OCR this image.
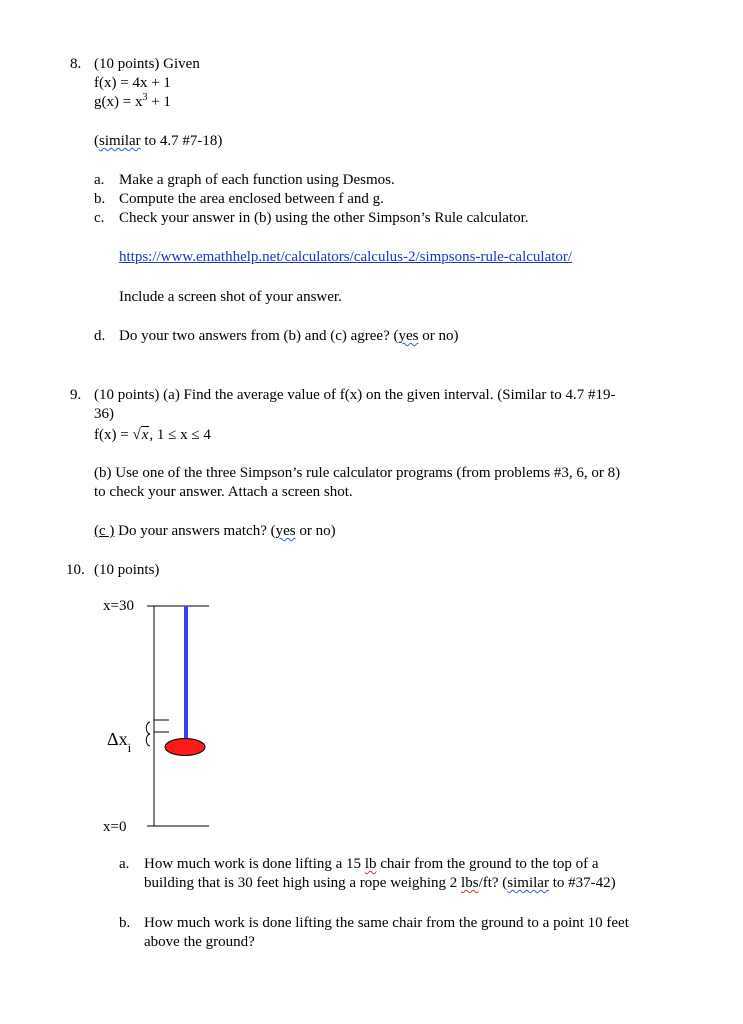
8. (10 points) Given
f(x) = 4x + 1
$g(x) = x^3 + 1$
(similar to 4.7 #7-18)
a. Make a graph of each function using Desmos.
b. Compute the area enclosed between f and g.
c. Check your answer in (b) using the other Simpson’s Rule calculator.
https://www.emathhelp.net/calculators/calculus-2/simpsons-rule-calculator/
Include a screen shot of your answer.
d. Do your two answers from (b) and (c) agree? (yes or no)
9. (10 points) (a) Find the average value of f(x) on the given interval. (Similar to 4.7 #19-
36)
f(x) = √x, 1 ≤ x ≤ 4
(b) Use one of the three Simpson’s rule calculator programs (from problems #3, 6, or 8)
to check your answer. Attach a screen shot.
(c ) Do your answers match? (yes or no)
10. (10 points)
x=30
$\Delta x_i$
x=0
a. How much work is done lifting a 15 lb chair from the ground to the top of a
building that is 30 feet high using a rope weighing 2 lbs/ft? (similar to #37-42)
b. How much work is done lifting the same chair from the ground to a point 10 feet
above the ground?
